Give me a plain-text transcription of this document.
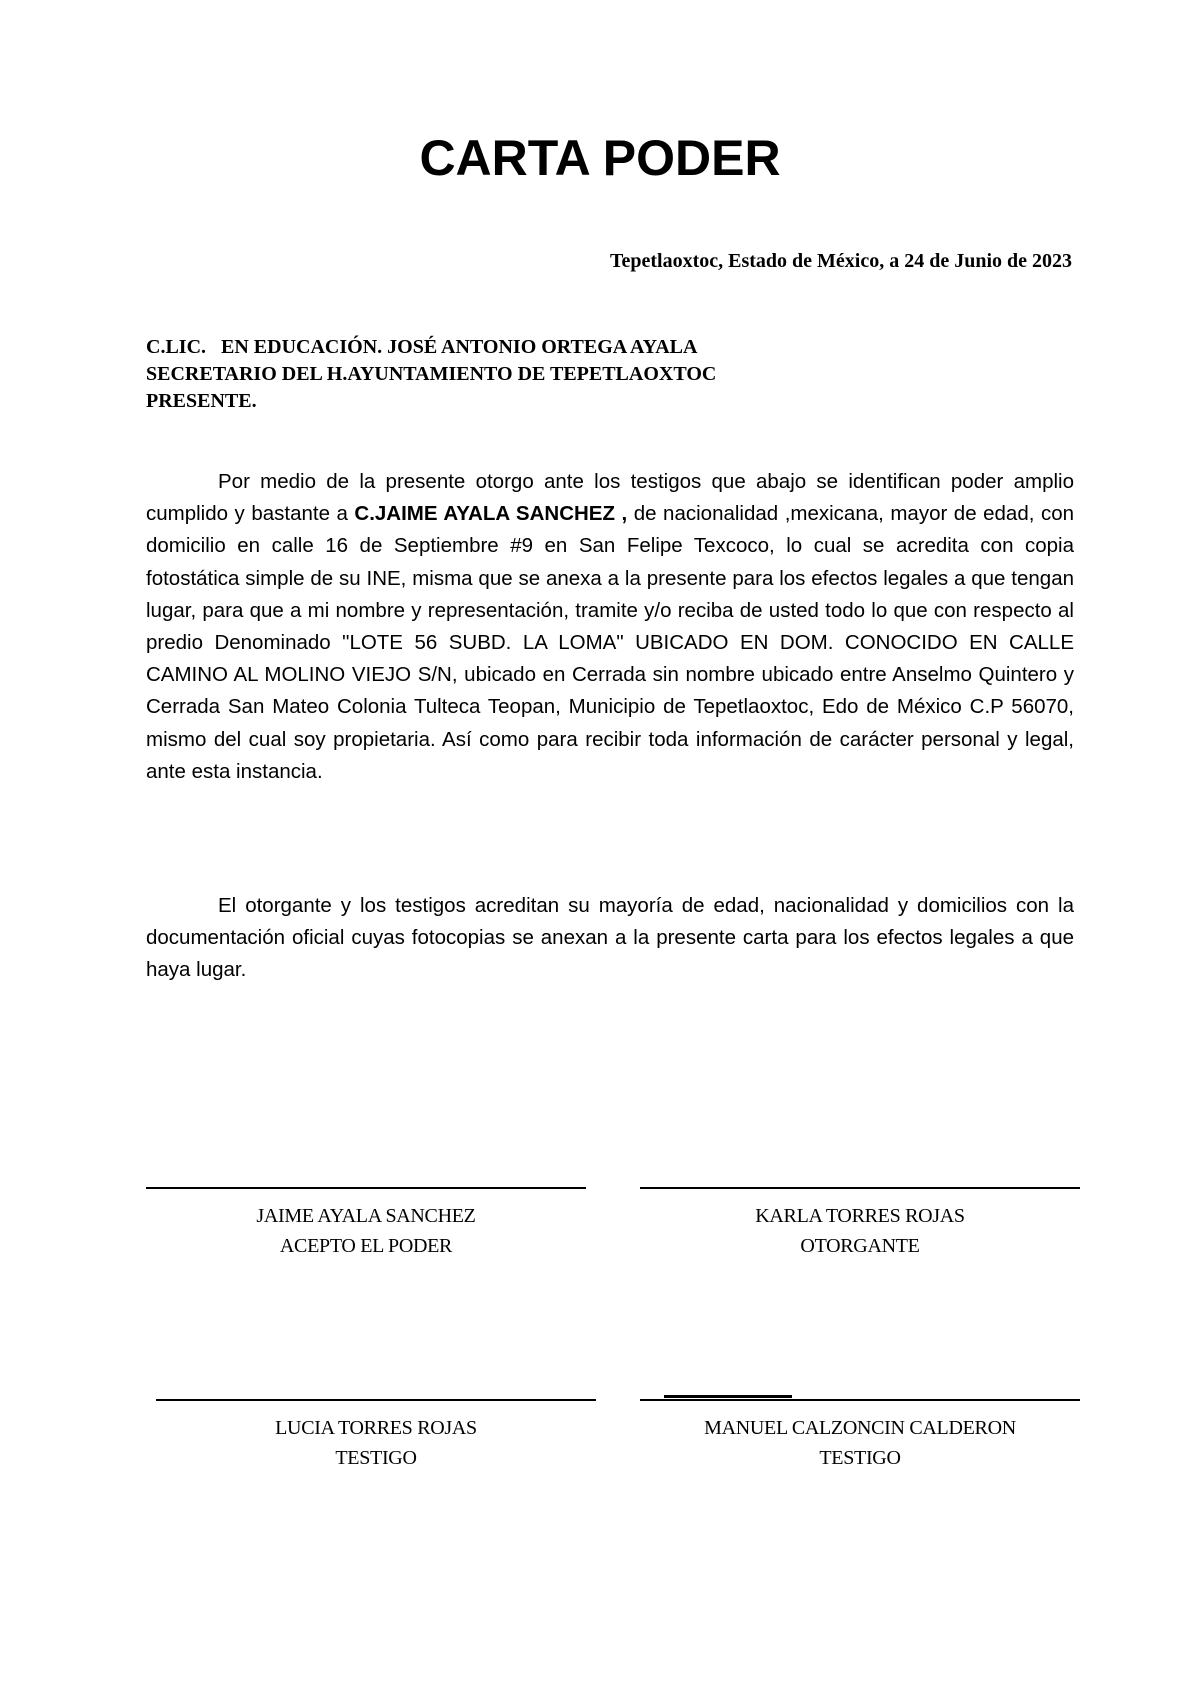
CARTA PODER
Tepetlaoxtoc, Estado de México, a 24 de Junio de 2023
C.LIC.   EN EDUCACIÓN. JOSÉ ANTONIO ORTEGA AYALA
SECRETARIO DEL H.AYUNTAMIENTO DE TEPETLAOXTOC
PRESENTE.

Por medio de la presente otorgo ante los testigos que abajo se identifican poder amplio cumplido y bastante a C.JAIME AYALA SANCHEZ , de nacionalidad ,mexicana, mayor de edad, con domicilio en calle 16 de Septiembre #9 en San Felipe Texcoco, lo cual se acredita con copia fotostática simple de su INE, misma que se anexa a la presente para los efectos legales a que tengan lugar, para que a mi nombre y representación, tramite y/o reciba de usted todo lo que con respecto al predio Denominado "LOTE 56 SUBD. LA LOMA" UBICADO EN DOM. CONOCIDO EN CALLE CAMINO AL MOLINO VIEJO S/N, ubicado en Cerrada sin nombre ubicado entre Anselmo Quintero y Cerrada San Mateo Colonia Tulteca Teopan, Municipio de Tepetlaoxtoc, Edo de México C.P 56070, mismo del cual soy propietaria. Así como para recibir toda información de carácter personal y legal, ante esta instancia.

El otorgante y los testigos acreditan su mayoría de edad, nacionalidad y domicilios con la documentación oficial cuyas fotocopias se anexan a la presente carta para los efectos legales a que haya lugar.

JAIME AYALA SANCHEZ
ACEPTO EL PODER
KARLA TORRES ROJAS
OTORGANTE
LUCIA TORRES ROJAS
TESTIGO
MANUEL CALZONCIN CALDERON
TESTIGO
